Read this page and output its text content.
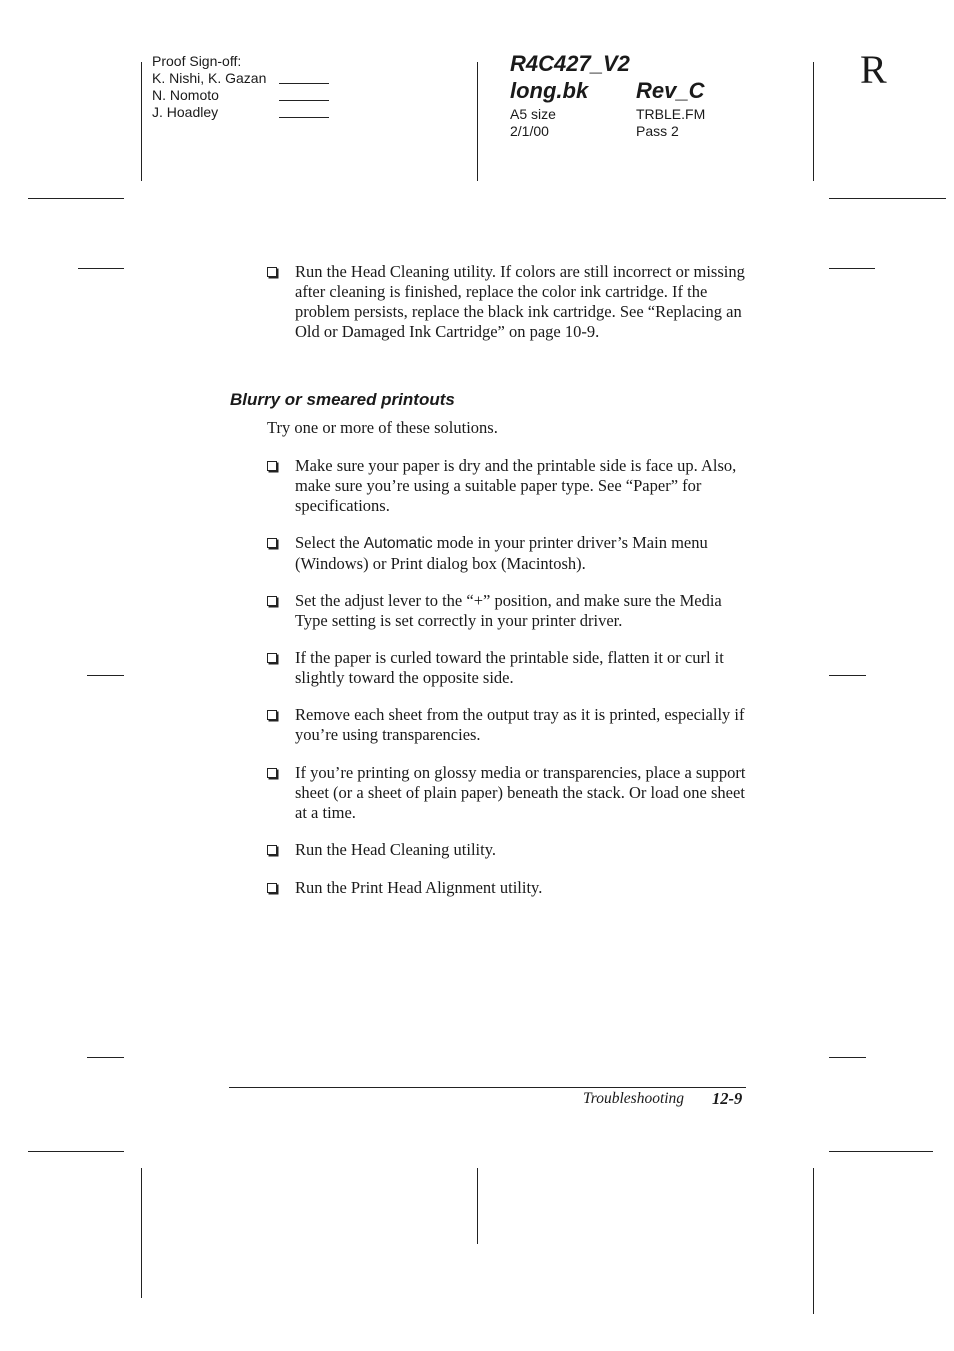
Proof Sign-off:
K. Nishi, K. Gazan
N. Nomoto
J. Hoadley
R4C427_V2
long.bk	Rev_C
A5 size
2/1/00
TRBLE.FM
Pass 2
R
Run the Head Cleaning utility. If colors are still incorrect or missing after cleaning is finished, replace the color ink cartridge. If the problem persists, replace the black ink cartridge. See “Replacing an Old or Damaged Ink Cartridge” on page 10-9.
Blurry or smeared printouts
Try one or more of these solutions.
Make sure your paper is dry and the printable side is face up. Also, make sure you’re using a suitable paper type. See “Paper” for specifications.
Select the Automatic mode in your printer driver’s Main menu (Windows) or Print dialog box (Macintosh).
Set the adjust lever to the “+” position, and make sure the Media Type setting is set correctly in your printer driver.
If the paper is curled toward the printable side, flatten it or curl it slightly toward the opposite side.
Remove each sheet from the output tray as it is printed, especially if you’re using transparencies.
If you’re printing on glossy media or transparencies, place a support sheet (or a sheet of plain paper) beneath the stack. Or load one sheet at a time.
Run the Head Cleaning utility.
Run the Print Head Alignment utility.
Troubleshooting 12-9
